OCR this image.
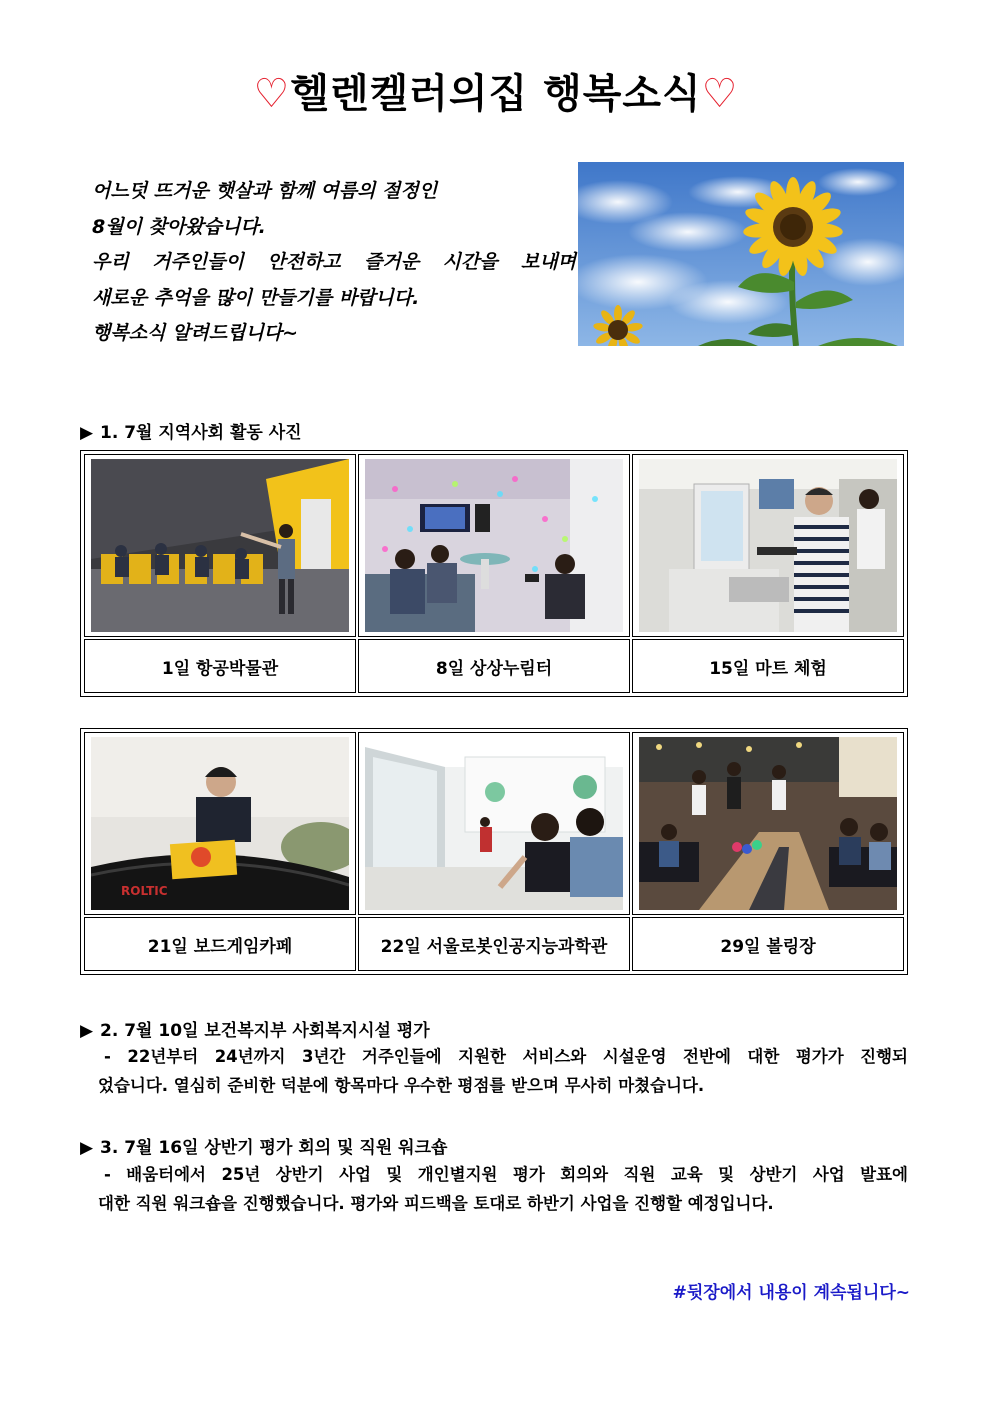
♡헬렌켈러의집 행복소식♡
어느덧 뜨거운 햇살과 함께 여름의 절정인
8월이 찾아왔습니다.
우리 거주인들이 안전하고 즐거운 시간을 보내며
새로운 추억을 많이 만들기를 바랍니다.
행복소식 알려드립니다~
▶ 1. 7월 지역사회 활동 사진

1일 항공박물관	8일 상상누림터	15일 마트 체험
ROLTIC

21일 보드게임카페	22일 서울로봇인공지능과학관	29일 볼링장
▶ 2. 7월 10일 보건복지부 사회복지시설 평가
- 22년부터 24년까지 3년간 거주인들에 지원한 서비스와 시설운영 전반에 대한 평가가 진행되
었습니다. 열심히 준비한 덕분에 항목마다 우수한 평점를 받으며 무사히 마쳤습니다.
▶ 3. 7월 16일 상반기 평가 회의 및 직원 워크숍
- 배움터에서 25년 상반기 사업 및 개인별지원 평가 회의와 직원 교육 및 상반기 사업 발표에
대한 직원 워크숍을 진행했습니다. 평가와 피드백을 토대로 하반기 사업을 진행할 예정입니다.
#뒷장에서 내용이 계속됩니다~
